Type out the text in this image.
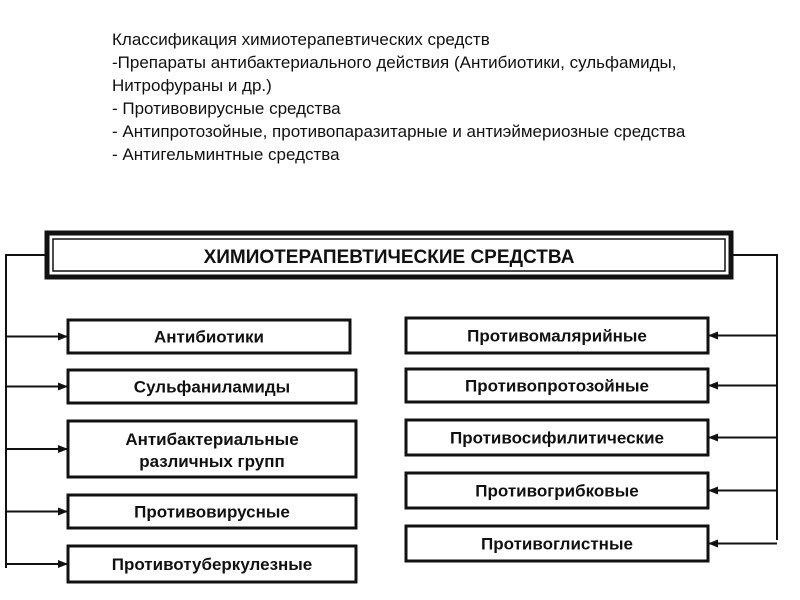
Классификация химиотерапевтических средств
-Препараты антибактериального действия (Антибиотики, сульфамиды, Нитрофураны и др.)
- Противовирусные средства
- Антипротозойные, противопаразитарные и антиэймериозные средства
- Антигельминтные средства
ХИМИОТЕРАПЕВТИЧЕСКИЕ СРЕДСТВА
Антибиотики
Сульфаниламиды
Антибактериальные
различных групп
Противовирусные
Противотуберкулезные
Противомалярийные
Противопротозойные
Противосифилитические
Противогрибковые
Противоглистные
